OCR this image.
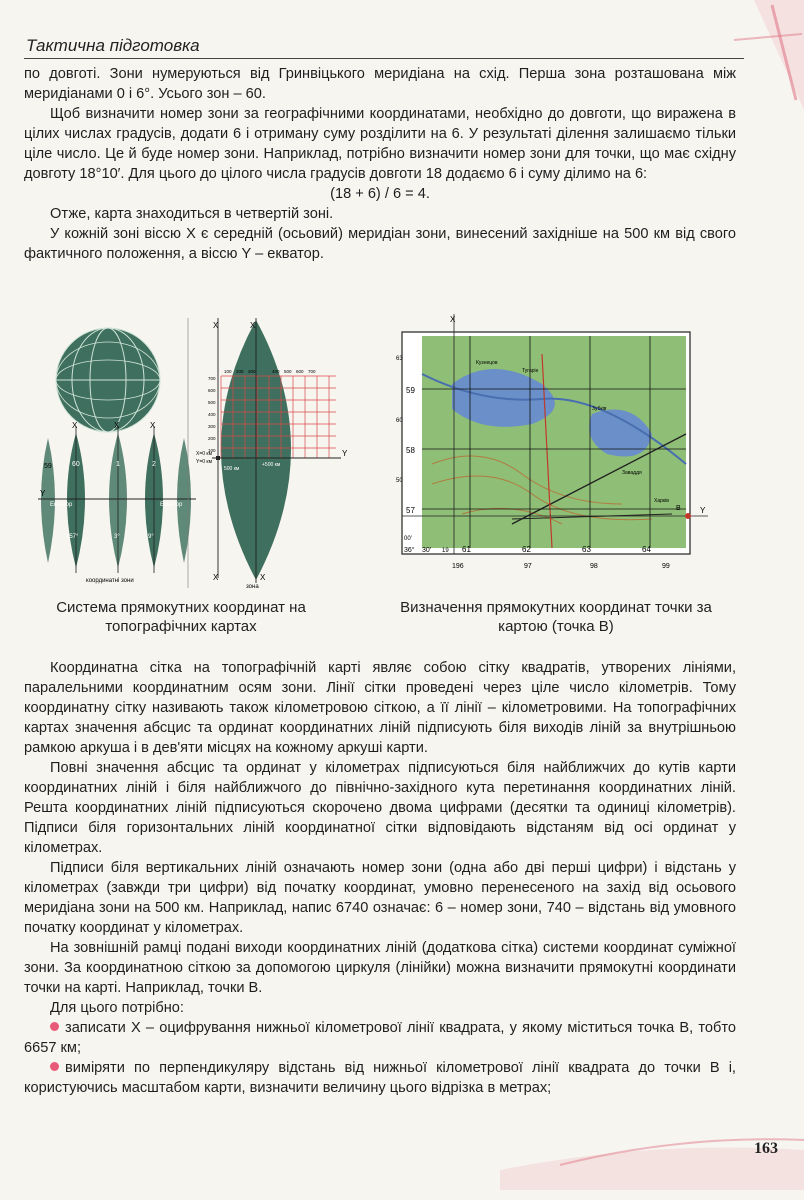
Тактична підготовка

по довготі. Зони нумеруються від Гринвіцького меридіана на схід. Перша зона розташована між меридіанами 0 і 6°. Усього зон – 60.

Щоб визначити номер зони за географічними координатами, необхідно до довготи, що виражена в цілих числах градусів, додати 6 і отриману суму розділити на 6. У результаті ділення залишаємо тільки ціле число. Це й буде номер зони. Наприклад, потрібно визначити номер зони для точки, що має східну довготу 18°10′. Для цього до цілого числа градусів довготи 18 додаємо 6 і суму ділимо на 6:

(18 + 6) / 6 = 4.

Отже, карта знаходиться в четвертій зоні.

У кожній зоні віссю X є середній (осьовий) меридіан зони, винесений західніше на 500 км від свого фактичного положення, а віссю Y – екватор.

X	X	X
Y
59	60	1	2
Екватор	Екватор
357°	3°	9°
координатні зони
100 200 300	400 500 600 700
700
600
500
400
300
200
100
X	X
X	X
Y
X=0 км
Y=0 км
500 км
+500 км
зона
X
Y
B
59
58
57
63
60
50
61	62	63	64
36° 30′
00′
19
196	97	98	99
Кузнецов
Тугарін
Зубків
Заваддя
Харків
Система прямокутних координат на топографічних картах
Визначення прямокутних координат точки за картою (точка В)

Координатна сітка на топографічній карті являє собою сітку квадратів, утворених лініями, паралельними координатним осям зони. Лінії сітки проведені через ціле число кілометрів. Тому координатну сітку називають також кілометровою сіткою, а її лінії – кілометровими. На топографічних картах значення абсцис та ординат координатних ліній підписують біля виходів ліній за внутрішньою рамкою аркуша і в дев'яти місцях на кожному аркуші карти.

Повні значення абсцис та ординат у кілометрах підписуються біля найближчих до кутів карти координатних ліній і біля найближчого до північно-західного кута перетинання координатних ліній. Решта координатних ліній підписуються скорочено двома цифрами (десятки та одиниці кілометрів). Підписи біля горизонтальних ліній координатної сітки відповідають відстаням від осі ординат у кілометрах.

Підписи біля вертикальних ліній означають номер зони (одна або дві перші цифри) і відстань у кілометрах (завжди три цифри) від початку координат, умовно перенесеного на захід від осьового меридіана зони на 500 км. Наприклад, напис 6740 означає: 6 – номер зони, 740 – відстань від умовного початку координат у кілометрах.

На зовнішній рамці подані виходи координатних ліній (додаткова сітка) системи координат суміжної зони. За координатною сіткою за допомогою циркуля (лінійки) можна визначити прямокутні координати точки на карті. Наприклад, точки B.

Для цього потрібно:

записати X – оцифрування нижньої кілометрової лінії квадрата, у якому міститься точка B, тобто 6657 км;

виміряти по перпендикуляру відстань від нижньої кілометрової лінії квадрата до точки В і, користуючись масштабом карти, визначити величину цього відрізка в метрах;

163
